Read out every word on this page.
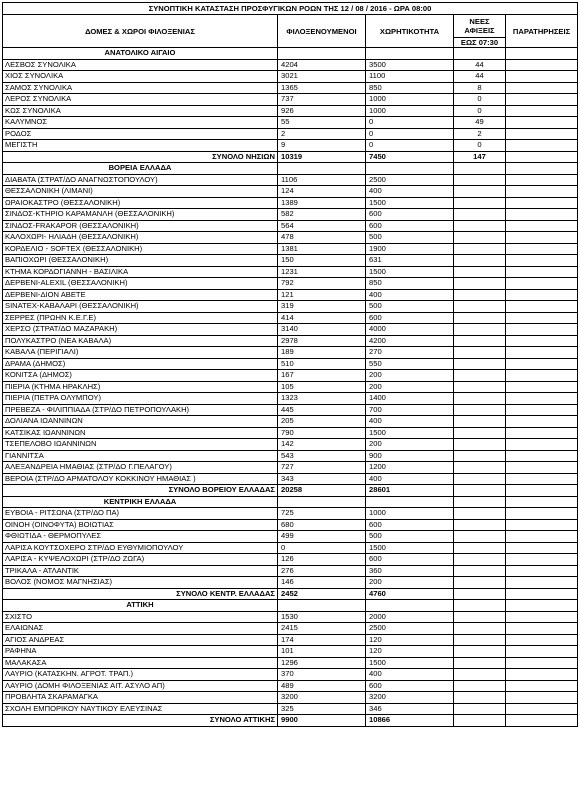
ΣΥΝΟΠΤΙΚΗ ΚΑΤΑΣΤΑΣΗ ΠΡΟΣΦΥΓΙΚΩΝ ΡΟΩΝ ΤΗΣ 12 / 08 / 2016 - ΩΡΑ 08:00				
ΔΟΜΕΣ & ΧΩΡΟΙ ΦΙΛΟΞΕΝΙΑΣ	ΦΙΛΟΞΕΝΟΥΜΕΝΟΙ	ΧΩΡΗΤΙΚΟΤΗΤΑ	ΝΕΕΣ ΑΦΙΞΕΙΣ	ΠΑΡΑΤΗΡΗΣΕΙΣ
			ΕΩΣ 07:30	
ΑΝΑΤΟΛΙΚΟ ΑΙΓΑΙΟ				
ΛΕΣΒΟΣ ΣΥΝΟΛΙΚΑ	4204	3500	44	
ΧΙΟΣ ΣΥΝΟΛΙΚΑ	3021	1100	44	
ΣΑΜΟΣ ΣΥΝΟΛΙΚΑ	1365	850	8	
ΛΕΡΟΣ ΣΥΝΟΛΙΚΑ	737	1000	0	
ΚΩΣ ΣΥΝΟΛΙΚΑ	926	1000	0	
ΚΑΛΥΜΝΟΣ	55	0	49	
ΡΟΔΟΣ	2	0	2	
ΜΕΓΙΣΤΗ	9	0	0	
ΣΥΝΟΛΟ ΝΗΣΙΩΝ	10319	7450	147	
ΒΟΡΕΙΑ ΕΛΛΑΔΑ				
ΔΙΑΒΑΤΑ (ΣΤΡΑΤ/ΔΟ ΑΝΑΓΝΩΣΤΟΠΟΥΛΟΥ)	1106	2500		
ΘΕΣΣΑΛΟΝΙΚΗ (ΛΙΜΑΝΙ)	124	400		
ΩΡΑΙΟΚΑΣΤΡΟ (ΘΕΣΣΑΛΟΝΙΚΗ)	1389	1500		
ΣΙΝΔΟΣ-ΚΤΗΡΙΟ ΚΑΡΑΜΑΝΛΗ (ΘΕΣΣΑΛΟΝΙΚΗ)	582	600		
ΣΙΝΔΟΣ-FRAKAPOR (ΘΕΣΣΑΛΟΝΙΚΗ)	564	600		
ΚΑΛΟΧΩΡΙ- ΗΛΙΑΔΗ (ΘΕΣΣΑΛΟΝΙΚΗ)	478	500		
ΚΟΡΔΕΛΙΟ - SOFTEX (ΘΕΣΣΑΛΟΝΙΚΗ)	1381	1900		
ΒΑΠΙΟΧΩΡΙ (ΘΕΣΣΑΛΟΝΙΚΗ)	150	631		
ΚΤΗΜΑ ΚΟΡΔΟΓΙΑΝΝΗ - ΒΑΣΙΛΙΚΑ	1231	1500		
ΔΕΡΒΕΝΙ-ALEXIL (ΘΕΣΣΑΛΟΝΙΚΗ)	792	850		
ΔΕΡΒΕΝΙ-ΔΙΟΝ ΑΒΕΤΕ	121	400		
SINATEX-ΚΑΒΑΛΑΡΙ (ΘΕΣΣΑΛΟΝΙΚΗ)	319	500		
ΣΕΡΡΕΣ (ΠΡΩΗΝ Κ.Ε.Γ.Ε)	414	600		
ΧΕΡΣΟ (ΣΤΡΑΤ/ΔΟ ΜΑΖΑΡΑΚΗ)	3140	4000		
ΠΟΛΥΚΑΣΤΡΟ (ΝΕΑ ΚΑΒΑΛΑ)	2978	4200		
ΚΑΒΑΛΑ (ΠΕΡΙΓΙΑΛΙ)	189	270		
ΔΡΑΜΑ (ΔΗΜΟΣ)	510	550		
ΚΟΝΙΤΣΑ (ΔΗΜΟΣ)	167	200		
ΠΙΕΡΙΑ (ΚΤΗΜΑ ΗΡΑΚΛΗΣ)	105	200		
ΠΙΕΡΙΑ (ΠΕΤΡΑ ΟΛΥΜΠΟΥ)	1323	1400		
ΠΡΕΒΕΖΑ - ΦΙΛΙΠΠΙΑΔΑ (ΣΤΡ/ΔΟ ΠΕΤΡΟΠΟΥΛΑΚΗ)	445	700		
ΔΟΛΙΑΝΑ ΙΩΑΝΝΙΝΩΝ	205	400		
ΚΑΤΣΙΚΑΣ ΙΩΑΝΝΙΝΩΝ	790	1500		
ΤΣΕΠΕΛΟΒΟ ΙΩΑΝΝΙΝΩΝ	142	200		
ΓΙΑΝΝΙΤΣΑ	543	900		
ΑΛΕΞΑΝΔΡΕΙΑ ΗΜΑΘΙΑΣ (ΣΤΡ/ΔΟ Γ.ΠΕΛΑΓΟΥ)	727	1200		
ΒΕΡΟΙΑ (ΣΤΡ/ΔΟ ΑΡΜΑΤΟΛΟΥ ΚΟΚΚΙΝΟΥ ΗΜΑΘΙΑΣ )	343	400		
ΣΥΝΟΛΟ ΒΟΡΕΙΟΥ ΕΛΛΑΔΑΣ	20258	28601		
ΚΕΝΤΡΙΚΗ ΕΛΛΑΔΑ				
ΕΥΒΟΙΑ - ΡΙΤΣΩΝΑ (ΣΤΡ/ΔΟ ΠΑ)	725	1000		
ΟΙΝΟΗ (ΟΙΝΟΦΥΤΑ) ΒΟΙΩΤΙΑΣ	680	600		
ΦΘΙΩΤΙΔΑ - ΘΕΡΜΟΠΥΛΕΣ	499	500		
ΛΑΡΙΣΑ ΚΟΥΤΣΟΧΕΡΟ ΣΤΡ/ΔΟ ΕΥΘΥΜΙΟΠΟΥΛΟΥ	0	1500		
ΛΑΡΙΣΑ - ΚΥΨΕΛΟΧΩΡΙ (ΣΤΡ/ΔΟ ΖΩΓΑ)	126	600		
ΤΡΙΚΑΛΑ - ΑΤΛΑΝΤΙΚ	276	360		
ΒΟΛΟΣ (ΝΟΜΟΣ ΜΑΓΝΗΣΙΑΣ)	146	200		
ΣΥΝΟΛΟ ΚΕΝΤΡ. ΕΛΛΑΔΑΣ	2452	4760		
ΑΤΤΙΚΗ				
ΣΧΙΣΤΟ	1530	2000		
ΕΛΑΙΩΝΑΣ	2415	2500		
ΑΓΙΟΣ ΑΝΔΡΕΑΣ	174	120		
ΡΑΦΗΝΑ	101	120		
ΜΑΛΑΚΑΣΑ	1296	1500		
ΛΑΥΡΙΟ (ΚΑΤΑΣΚΗΝ. ΑΓΡΟΤ. ΤΡΑΠ.)	370	400		
ΛΑΥΡΙΟ (ΔΟΜΗ ΦΙΛΟΞΕΝΙΑΣ ΑΙΤ. ΑΣΥΛΟ ΑΠ)	489	600		
ΠΡΟΒΛΗΤΑ ΣΚΑΡΑΜΑΓΚΑ	3200	3200		
ΣΧΟΛΗ ΕΜΠΟΡΙΚΟΥ ΝΑΥΤΙΚΟΥ ΕΛΕΥΣΙΝΑΣ	325	346		
ΣΥΝΟΛΟ ΑΤΤΙΚΗΣ	9900	10866		
